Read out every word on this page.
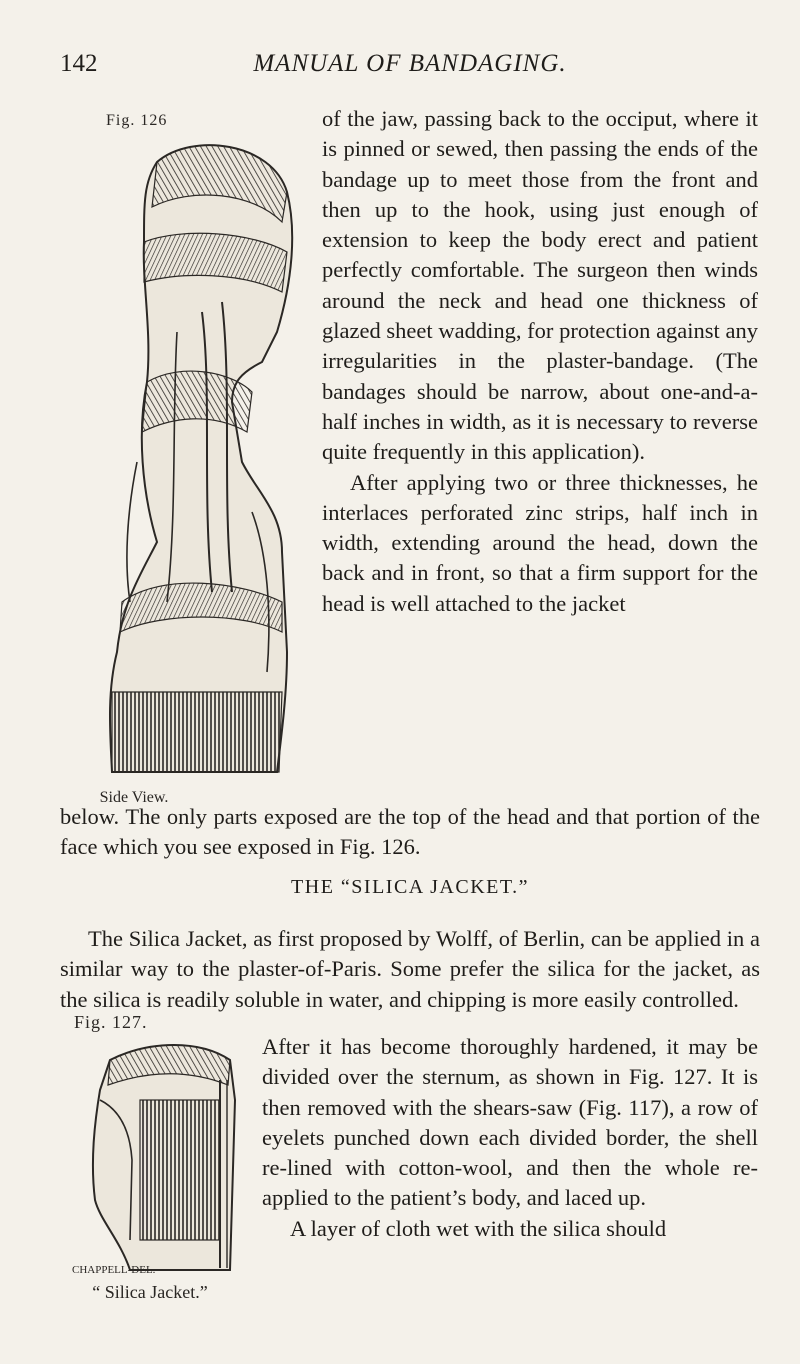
142	MANUAL OF BANDAGING.
Fig. 126
Side View.

of the jaw, passing back to the occiput, where it is pinned or sewed, then passing the ends of the bandage up to meet those from the front and then up to the hook, using just enough of extension to keep the body erect and patient perfectly comfortable. The surgeon then winds around the neck and head one thickness of glazed sheet wadding, for protection against any irregularities in the plaster-bandage. (The bandages should be narrow, about one-and-a-half inches in width, as it is necessary to reverse quite frequently in this application).

After applying two or three thicknesses, he interlaces perforated zinc strips, half inch in width, extending around the head, down the back and in front, so that a firm support for the head is well attached to the jacket

below. The only parts exposed are the top of the head and that portion of the face which you see exposed in Fig. 126.

THE “SILICA JACKET.”

The Silica Jacket, as first proposed by Wolff, of Berlin, can be applied in a similar way to the plaster-of-Paris. Some prefer the silica for the jacket, as the silica is readily soluble in water, and chipping is more easily controlled.

Fig. 127.
CHAPPELL-DEL.
“ Silica Jacket.”

After it has become thoroughly hardened, it may be divided over the sternum, as shown in Fig. 127. It is then removed with the shears-saw (Fig. 117), a row of eyelets punched down each divided border, the shell re-lined with cotton-wool, and then the whole re-applied to the patient’s body, and laced up.

A layer of cloth wet with the silica should
